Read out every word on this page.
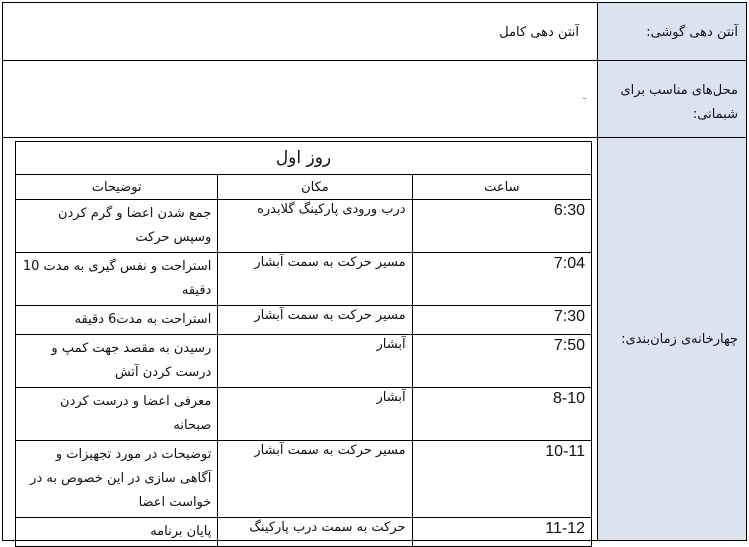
آنتن دهی گوشی:
آنتن دهی کامل
محل‌های مناسب برای شبمانی:
-
چهارخانه‌ی زمان‌بندی:
روز اول		
ساعت	مکان	توضیحات
6:30	درب ورودی پارکینگ گلابدره	جمع شدن اعضا و گرم کردن وسپس حرکت
7:04	مسیر حرکت به سمت آبشار	استراحت و نفس گیری به مدت 10 دقیقه
7:30	مسیر حرکت به سمت آبشار	استراحت به مدت6 دقیقه
7:50	آبشار	رسیدن به مقصد جهت کمپ و درست کردن آتش
8-10	آبشار	معرفی اعضا و درست کردن صبحانه
10-11	مسیر حرکت به سمت آبشار	توضیحات در مورد تجهیزات و آگاهی سازی در این خصوص به در خواست اعضا
11-12	حرکت به سمت درب پارکینگ	پایان برنامه
